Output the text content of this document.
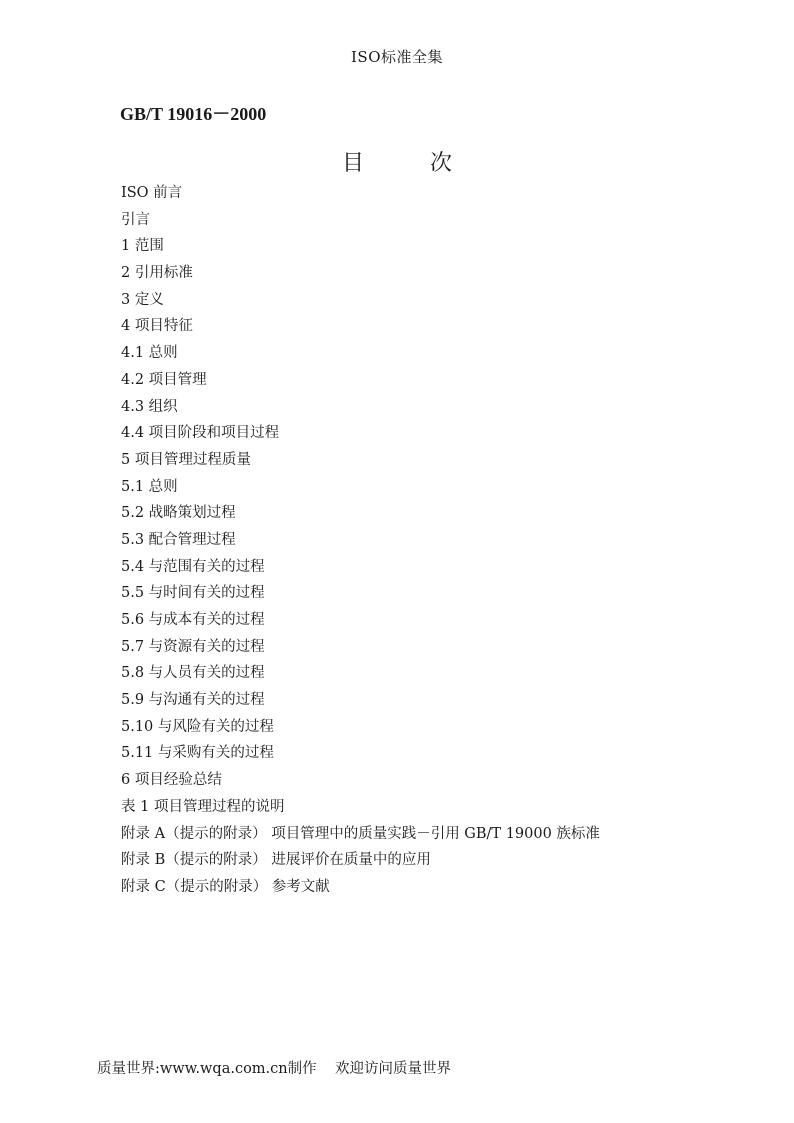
ISO标准全集
GB/T 19016－2000
目　次
ISO 前言
引言
1 范围
2 引用标准
3 定义
4 项目特征
4.1 总则
4.2 项目管理
4.3 组织
4.4 项目阶段和项目过程
5 项目管理过程质量
5.1 总则
5.2 战略策划过程
5.3 配合管理过程
5.4 与范围有关的过程
5.5 与时间有关的过程
5.6 与成本有关的过程
5.7 与资源有关的过程
5.8 与人员有关的过程
5.9 与沟通有关的过程
5.10 与风险有关的过程
5.11 与采购有关的过程
6 项目经验总结
表 1 项目管理过程的说明
附录 A（提示的附录） 项目管理中的质量实践－引用 GB/T 19000 族标准
附录 B（提示的附录） 进展评价在质量中的应用
附录 C（提示的附录） 参考文献
质量世界:www.wqa.com.cn制作    欢迎访问质量世界
